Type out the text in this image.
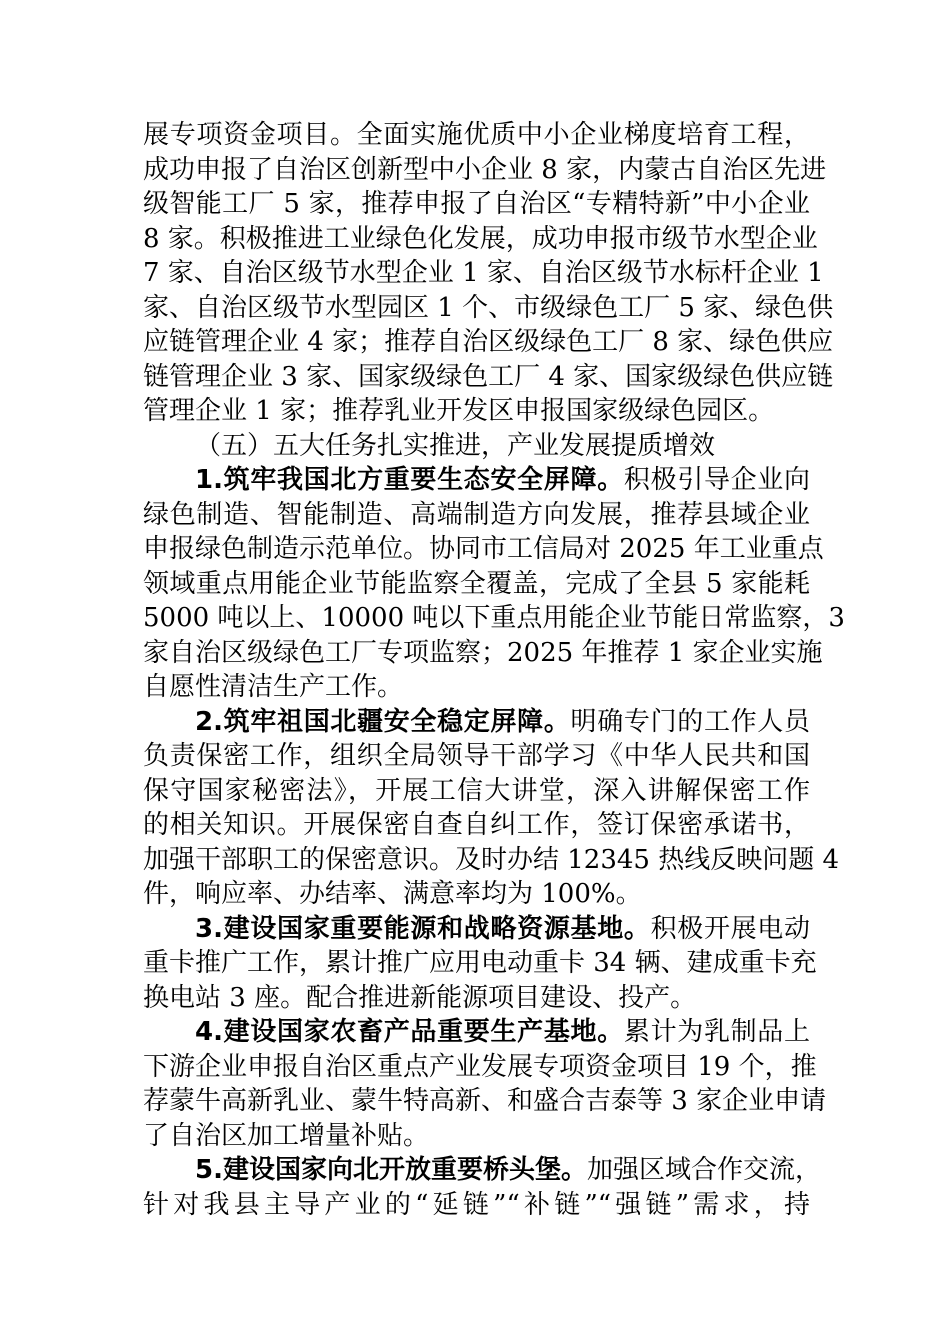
展专项资金项目。全面实施优质中小企业梯度培育工程，
成功申报了自治区创新型中小企业 8 家，内蒙古自治区先进
级智能工厂 5 家，推荐申报了自治区“专精特新”中小企业
8 家。积极推进工业绿色化发展，成功申报市级节水型企业
7 家、自治区级节水型企业 1 家、自治区级节水标杆企业 1
家、自治区级节水型园区 1 个、市级绿色工厂 5 家、绿色供
应链管理企业 4 家；推荐自治区级绿色工厂 8 家、绿色供应
链管理企业 3 家、国家级绿色工厂 4 家、国家级绿色供应链
管理企业 1 家；推荐乳业开发区申报国家级绿色园区。
（五）五大任务扎实推进，产业发展提质增效
1.筑牢我国北方重要生态安全屏障。积极引导企业向
绿色制造、智能制造、高端制造方向发展，推荐县域企业
申报绿色制造示范单位。协同市工信局对 2025 年工业重点
领域重点用能企业节能监察全覆盖，完成了全县 5 家能耗
5000 吨以上、10000 吨以下重点用能企业节能日常监察，3
家自治区级绿色工厂专项监察；2025 年推荐 1 家企业实施
自愿性清洁生产工作。
2.筑牢祖国北疆安全稳定屏障。明确专门的工作人员
负责保密工作，组织全局领导干部学习《中华人民共和国
保守国家秘密法》，开展工信大讲堂，深入讲解保密工作
的相关知识。开展保密自查自纠工作，签订保密承诺书，
加强干部职工的保密意识。及时办结 12345 热线反映问题 4
件，响应率、办结率、满意率均为 100%。
3.建设国家重要能源和战略资源基地。积极开展电动
重卡推广工作，累计推广应用电动重卡 34 辆、建成重卡充
换电站 3 座。配合推进新能源项目建设、投产。
4.建设国家农畜产品重要生产基地。累计为乳制品上
下游企业申报自治区重点产业发展专项资金项目 19 个，推
荐蒙牛高新乳业、蒙牛特高新、和盛合吉泰等 3 家企业申请
了自治区加工增量补贴。
5.建设国家向北开放重要桥头堡。加强区域合作交流，
针对我县主导产业的“延链”“补链”“强链”需求，持
